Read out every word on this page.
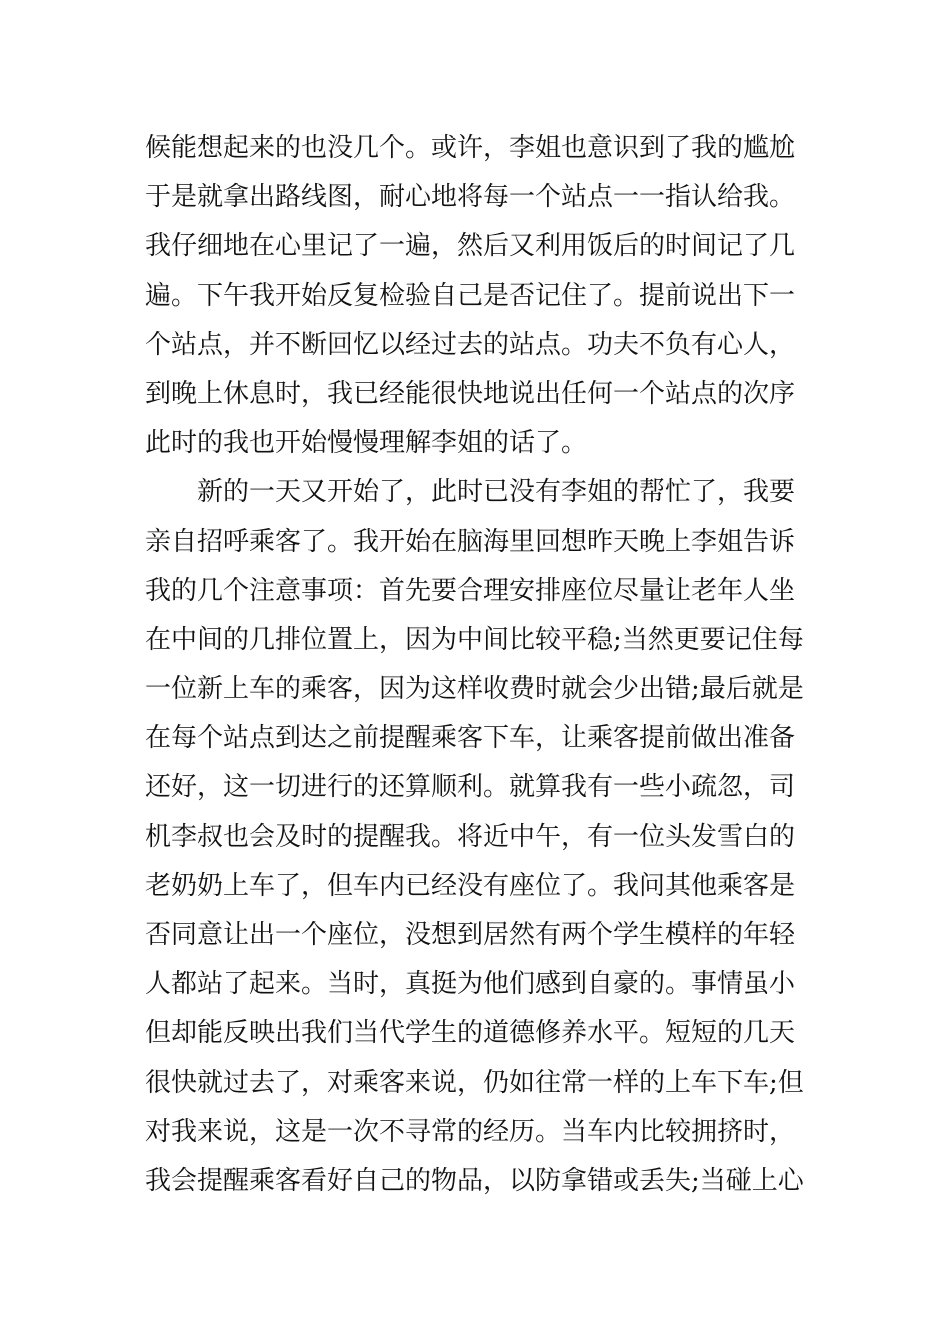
候能想起来的也没几个。或许，李姐也意识到了我的尴尬
于是就拿出路线图，耐心地将每一个站点一一指认给我。
我仔细地在心里记了一遍，然后又利用饭后的时间记了几
遍。下午我开始反复检验自己是否记住了。提前说出下一
个站点，并不断回忆以经过去的站点。功夫不负有心人，
到晚上休息时，我已经能很快地说出任何一个站点的次序
此时的我也开始慢慢理解李姐的话了。
新的一天又开始了，此时已没有李姐的帮忙了，我要
亲自招呼乘客了。我开始在脑海里回想昨天晚上李姐告诉
我的几个注意事项：首先要合理安排座位尽量让老年人坐
在中间的几排位置上，因为中间比较平稳;当然更要记住每
一位新上车的乘客，因为这样收费时就会少出错;最后就是
在每个站点到达之前提醒乘客下车，让乘客提前做出准备
还好，这一切进行的还算顺利。就算我有一些小疏忽，司
机李叔也会及时的提醒我。将近中午，有一位头发雪白的
老奶奶上车了，但车内已经没有座位了。我问其他乘客是
否同意让出一个座位，没想到居然有两个学生模样的年轻
人都站了起来。当时，真挺为他们感到自豪的。事情虽小
但却能反映出我们当代学生的道德修养水平。短短的几天
很快就过去了，对乘客来说，仍如往常一样的上车下车;但
对我来说，这是一次不寻常的经历。当车内比较拥挤时，
我会提醒乘客看好自己的物品，以防拿错或丢失;当碰上心
